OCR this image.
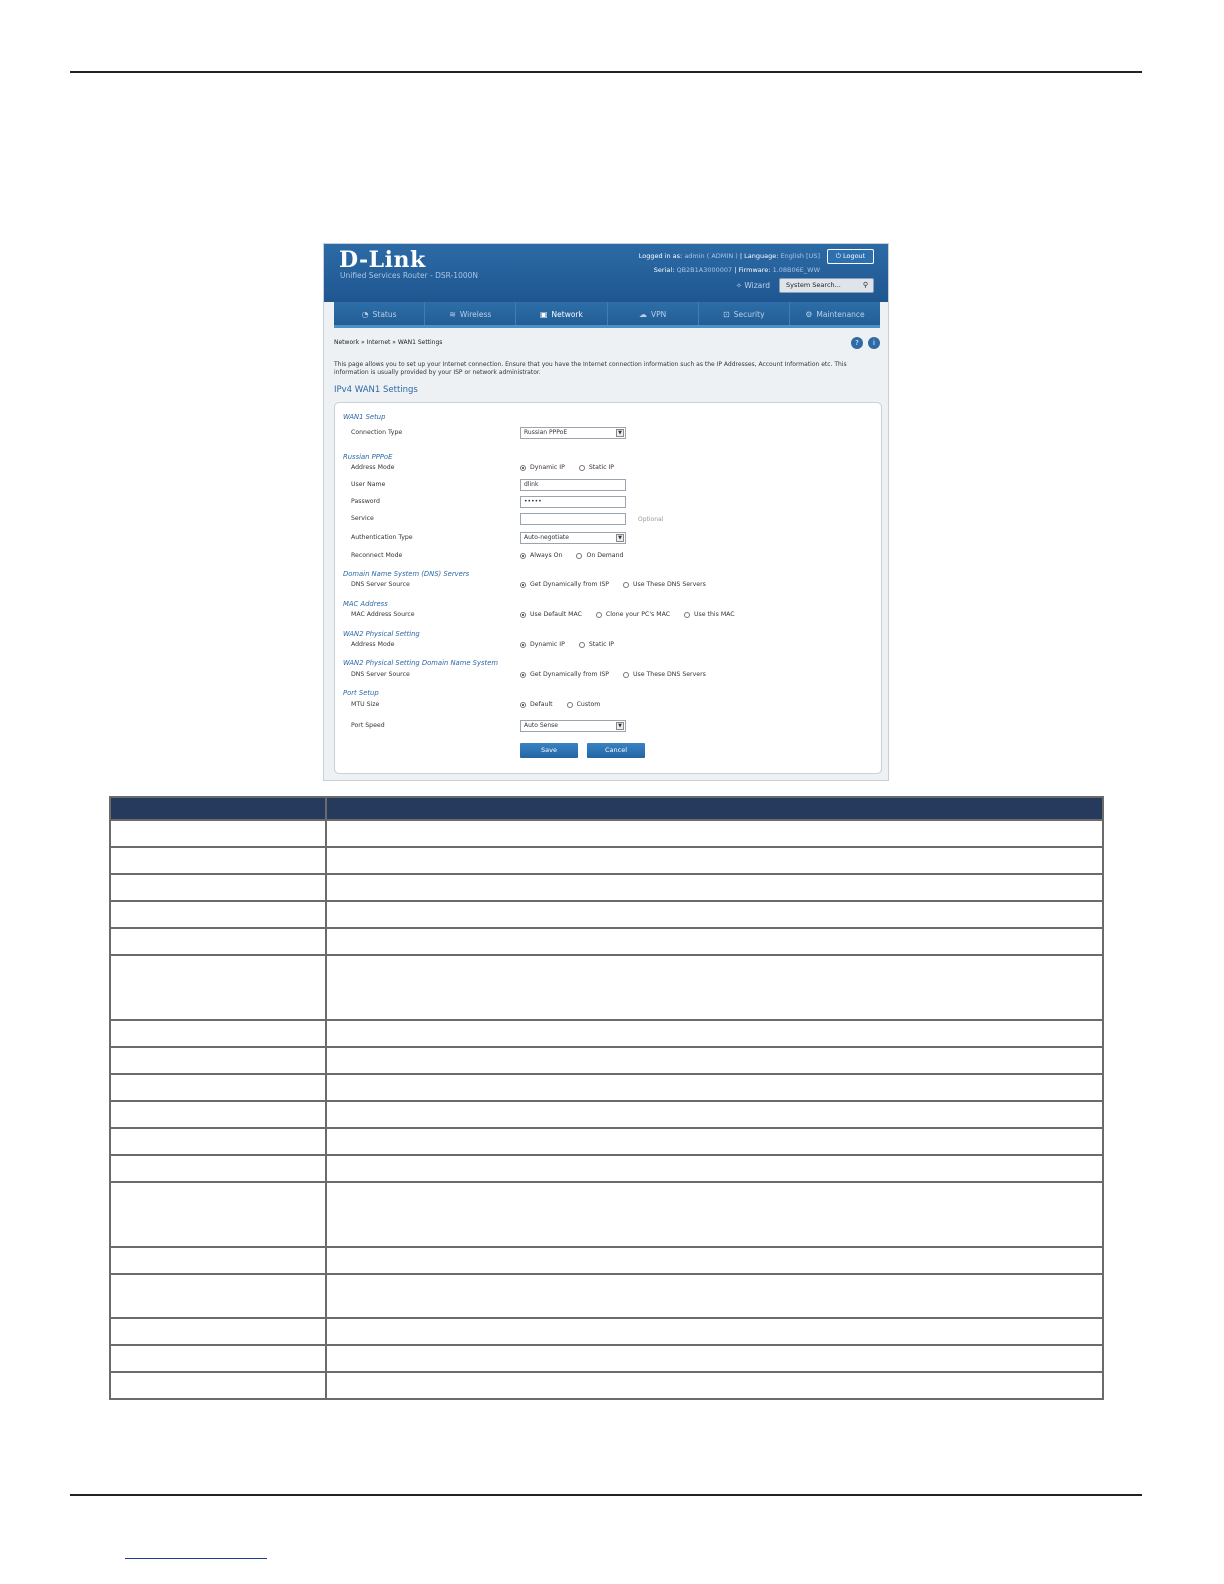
D-Link
Unified Services Router - DSR-1000N
Logged in as: admin ( ADMIN ) | Language: English [US]	⏻ Logout
Serial: QB2B1A3000007 | Firmware: 1.08B06E_WW
✧ Wizard	System Search...	⚲
◔ Status	≋ Wireless	▣ Network	☁ VPN	⊡ Security	⚙ Maintenance
Network » Internet » WAN1 Settings	?	i
This page allows you to set up your Internet connection. Ensure that you have the Internet connection information such as the IP Addresses, Account Information etc. This information is usually provided by your ISP or network administrator.
IPv4 WAN1 Settings
WAN1 Setup
Connection Type	Russian PPPoE	▼
Russian PPPoE
Address Mode	Dynamic IP	Static IP
User Name	dlink
Password	•••••
Service	Optional
Authentication Type	Auto-negotiate	▼
Reconnect Mode	Always On	On Demand
Domain Name System (DNS) Servers
DNS Server Source	Get Dynamically from ISP	Use These DNS Servers
MAC Address
MAC Address Source	Use Default MAC	Clone your PC's MAC	Use this MAC
WAN2 Physical Setting
Address Mode	Dynamic IP	Static IP
WAN2 Physical Setting Domain Name System
DNS Server Source	Get Dynamically from ISP	Use These DNS Servers
Port Setup
MTU Size	Default	Custom
Port Speed	Auto Sense	▼
Save	Cancel
